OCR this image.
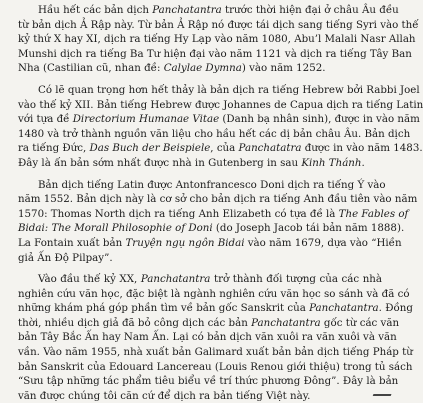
Hầu hết các bản dịch Panchatantra trước thời hiện đại ở châu Âu đều
từ bản dịch Ả Rập này. Từ bản Ả Rập nó được tái dịch sang tiếng Syri vào thế
kỷ thứ X hay XI, dịch ra tiếng Hy Lạp vào năm 1080, Abu’l Malali Nasr Allah
Munshi dịch ra tiếng Ba Tư hiện đại vào năm 1121 và dịch ra tiếng Tây Ban
Nha (Castilian cũ, nhan đề: Calylae Dymna) vào năm 1252.

Có lẽ quan trọng hơn hết thảy là bản dịch ra tiếng Hebrew bởi Rabbi Joel
vào thế kỷ XII. Bản tiếng Hebrew được Johannes de Capua dịch ra tiếng Latin
với tựa đề Directorium Humanae Vitae (Danh bạ nhân sinh), được in vào năm
1480 và trở thành nguồn văn liệu cho hầu hết các dị bản châu Âu. Bản dịch
ra tiếng Đức, Das Buch der Beispiele, của Panchatatra được in vào năm 1483.
Đây là ấn bản sớm nhất được nhà in Gutenberg in sau Kinh Thánh.

Bản dịch tiếng Latin được Antonfrancesco Doni dịch ra tiếng Ý vào
năm 1552. Bản dịch này là cơ sở cho bản dịch ra tiếng Anh đầu tiên vào năm
1570: Thomas North dịch ra tiếng Anh Elizabeth có tựa đề là The Fables of
Bidai: The Morall Philosophie of Doni (do Joseph Jacob tái bản năm 1888).
La Fontain xuất bản Truyện ngụ ngôn Bidai vào năm 1679, dựa vào “Hiền
giả Ấn Độ Pilpay”.

Vào đầu thế kỷ XX, Panchatantra trở thành đối tượng của các nhà
nghiên cứu văn học, đặc biệt là ngành nghiên cứu văn học so sánh và đã có
những khám phá góp phần tìm về bản gốc Sanskrit của Panchatantra. Đồng
thời, nhiều dịch giả đã bỏ công dịch các bản Panchatantra gốc từ các văn
bản Tây Bắc Ấn hay Nam Ấn. Lại có bản dịch văn xuôi ra văn xuôi và văn
vần. Vào năm 1955, nhà xuất bản Galimard xuất bản bản dịch tiếng Pháp từ
bản Sanskrit của Edouard Lancereau (Louis Renou giới thiệu) trong tủ sách
“Sưu tập những tác phẩm tiêu biểu về trí thức phương Đông”. Đây là bản
văn được chúng tôi căn cứ để dịch ra bản tiếng Việt này.
